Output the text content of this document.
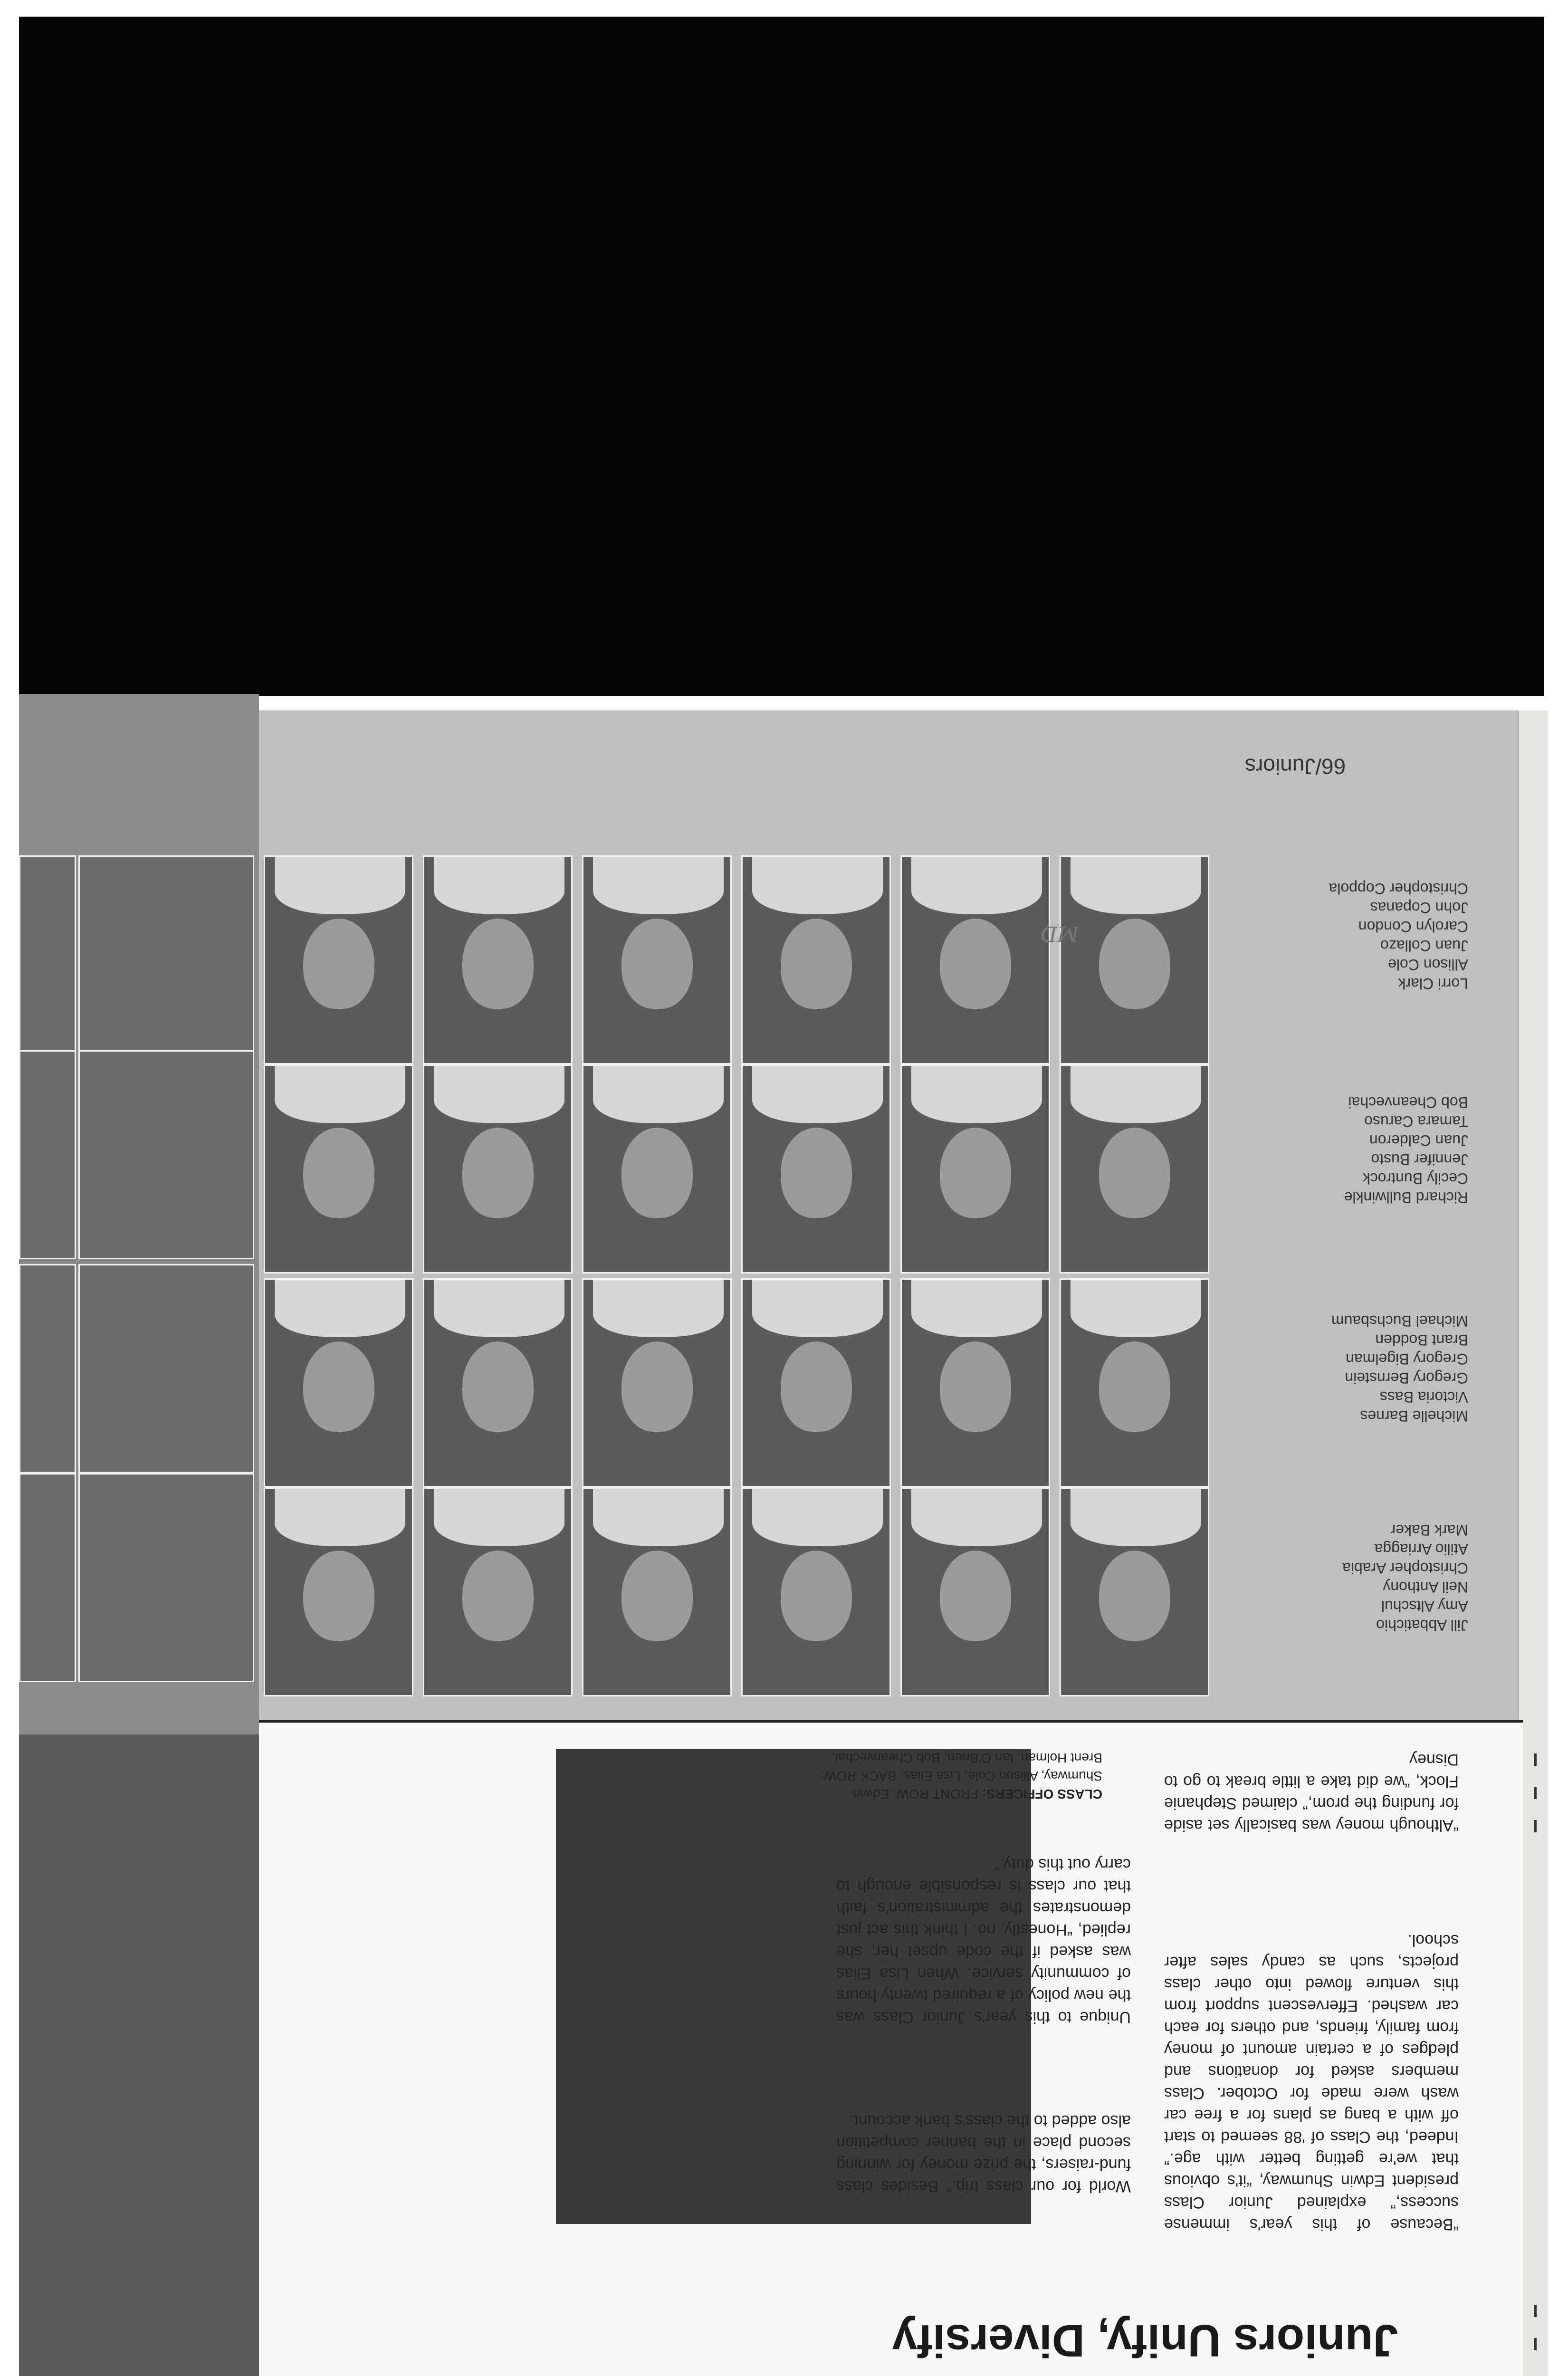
Lorri Clark
Allison Cole
Juan Collazo
Carolyn Condon
John Copanas
Christopher Coppola
Richard Bullwinkle
Cecily Buntrock
Jennifer Busto
Juan Calderon
Tamara Caruso
Bob Cheanvechai
Michelle Barnes
Victoria Bass
Gregory Bernstein
Gregory Bigelman
Brant Bodden
Michael Buchsbaum
Jill Abbatichio
Amy Altschul
Neil Anthony
Christopher Arabia
Atilio Arriagga
Mark Baker
66/Juniors
MD
“Because of this year's immense success,” explained Junior Class president Edwin Shumway, “it's obvious that we're getting better with age.” Indeed, the Class of '88 seemed to start off with a bang as plans for a free car wash were made for October. Class members asked for donations and pledges of a certain amount of money from family, friends, and others for each car washed. Effervescent support from this venture flowed into other class projects, such as candy sales after school.
“Although money was basically set aside for funding the prom,” claimed Stephanie Flock, “we did take a little break to go to Disney
World for our class trip.” Besides class fund-raisers, the prize money for winning second place in the banner competition also added to the class's bank account.
Unique to this year's Junior Class was the new policy of a required twenty hours of community service. When Lisa Elias was asked if the code upset her, she replied, “Honestly, no. I think this act just demonstrates the administration's faith that our class is responsible enough to carry out this duty.”
CLASS OFFICERS: FRONT ROW: Edwin Shumway, Allison Cole, Lisa Elias. BACK ROW: Brent Holman, Ian O'Brien, Bob Cheanvechai.
Juniors Unify, Diversify
